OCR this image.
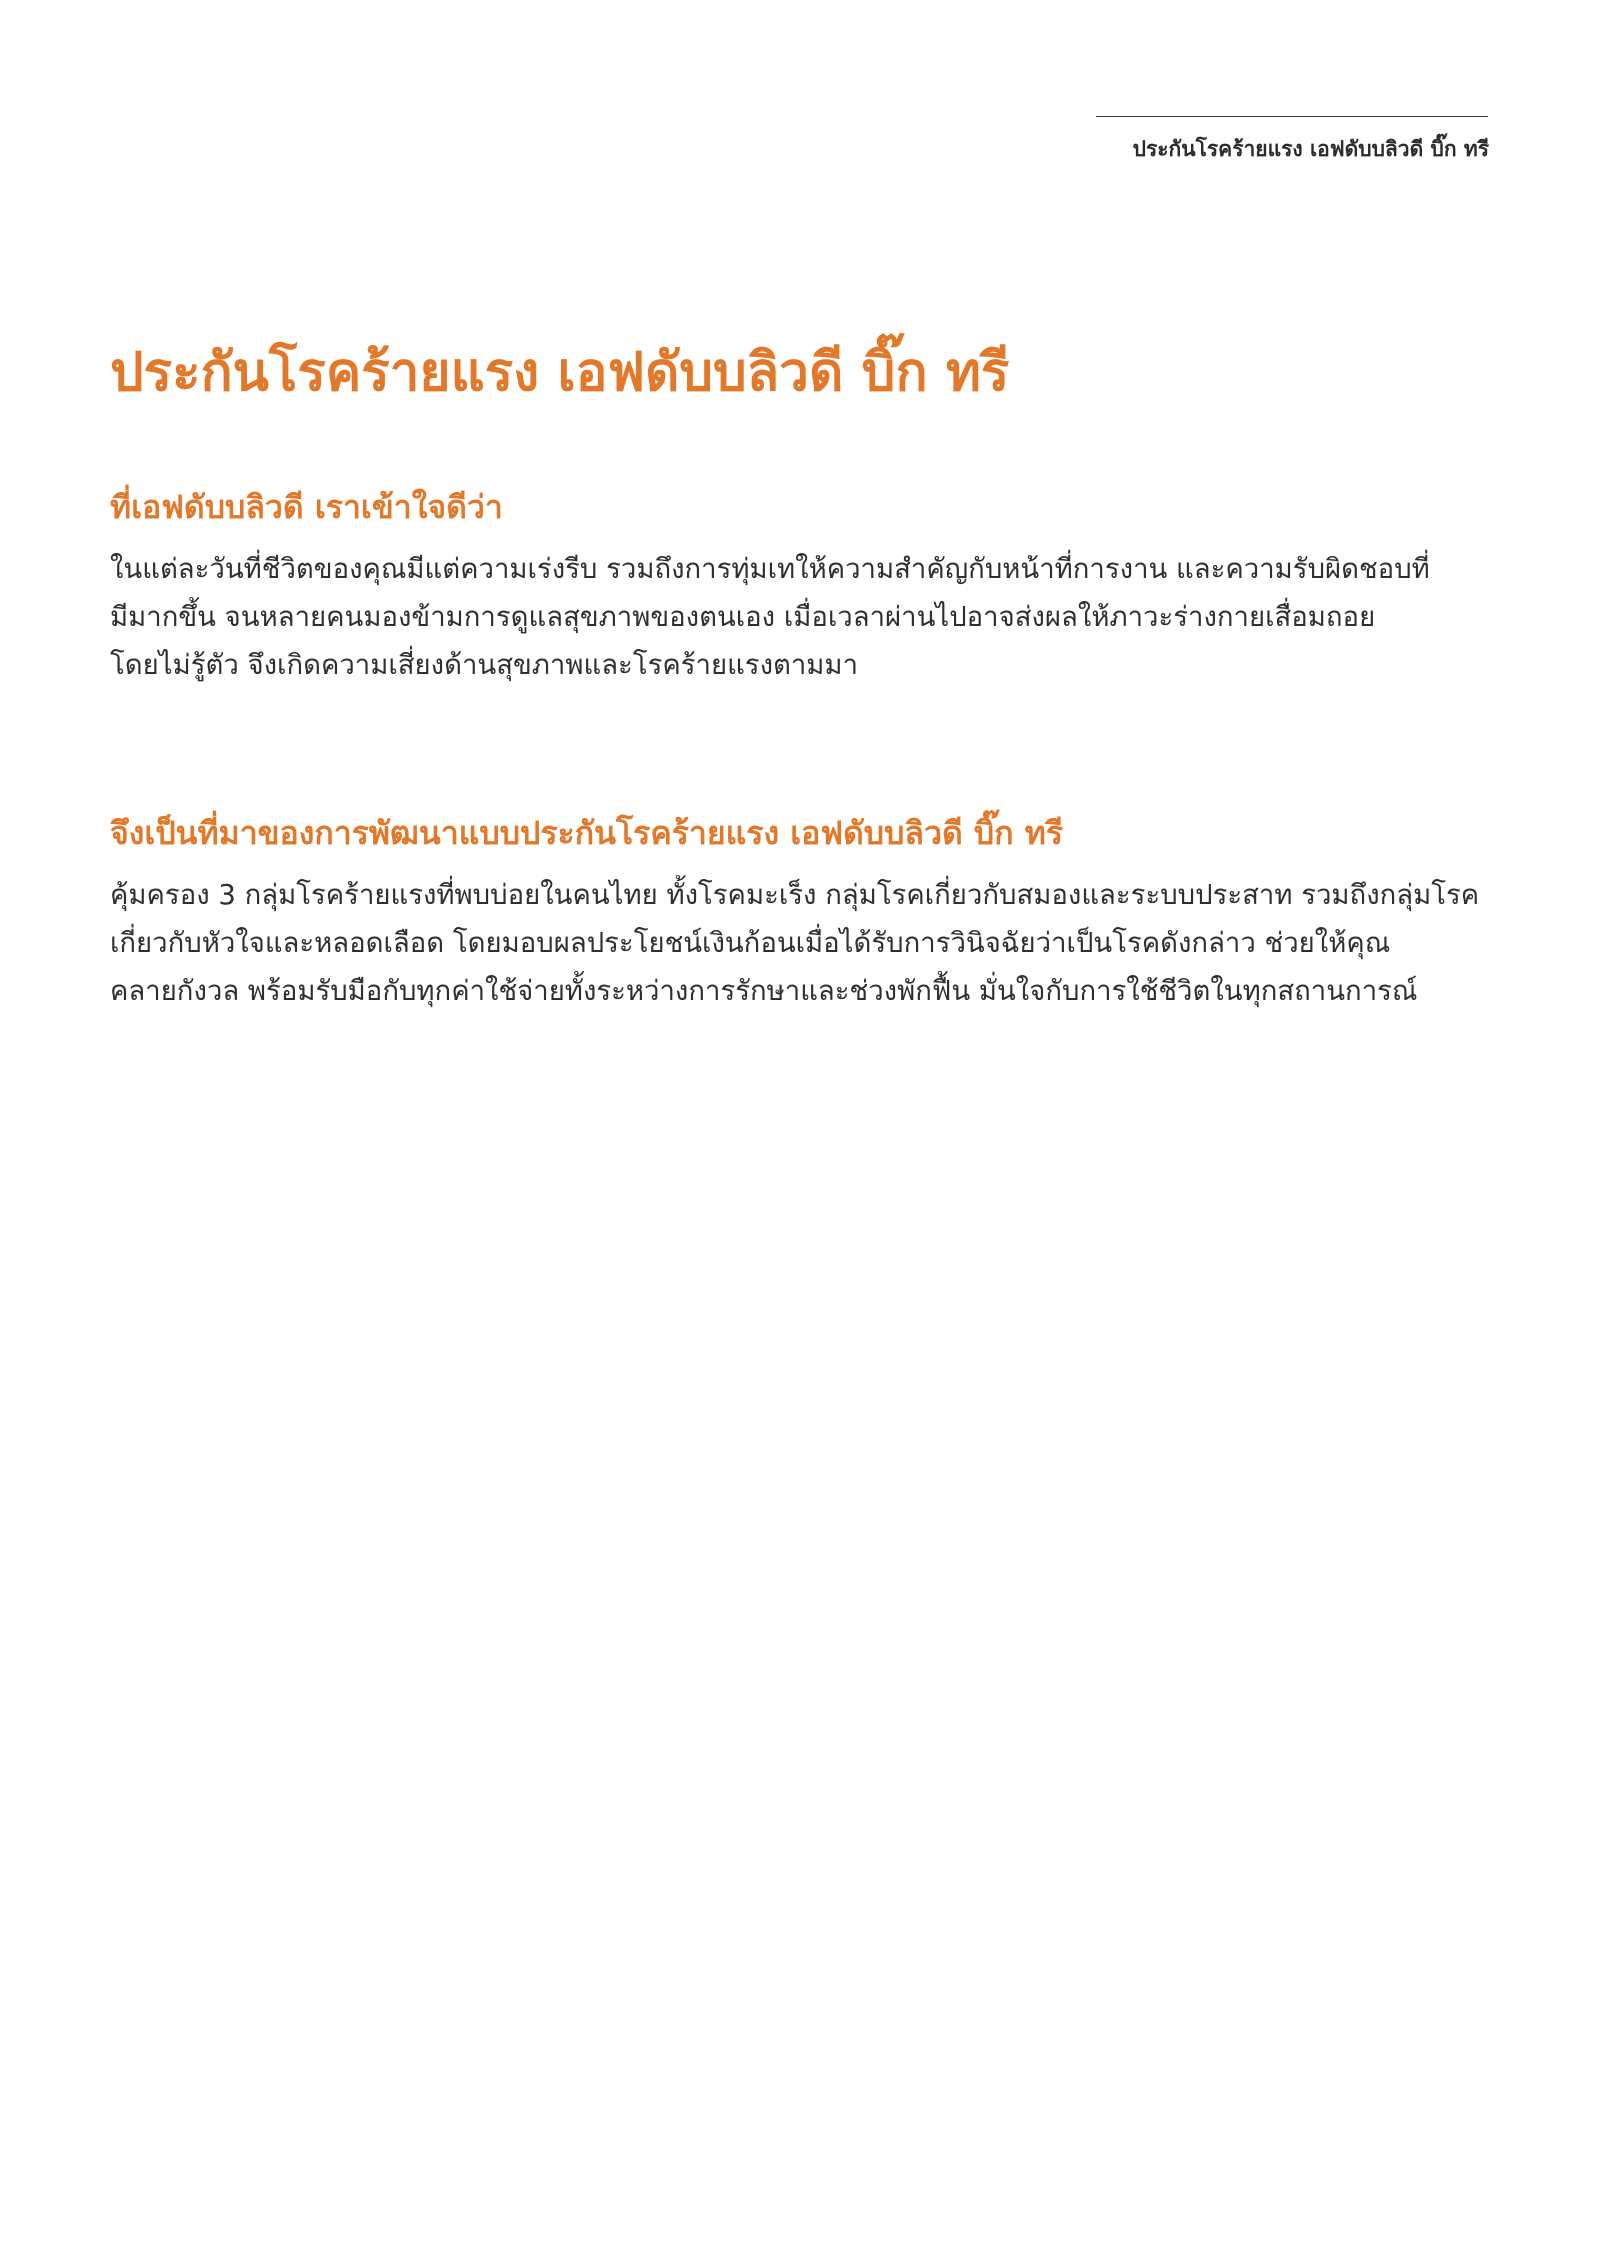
ประกันโรคร้ายแรง เอฟดับบลิวดี บิ๊ก ทรี
ประกันโรคร้ายแรง เอฟดับบลิวดี บิ๊ก ทรี
ที่เอฟดับบลิวดี เราเข้าใจดีว่า

ในแต่ละวันที่ชีวิตของคุณมีแต่ความเร่งรีบ รวมถึงการทุ่มเทให้ความสำคัญกับหน้าที่การงาน และความรับผิดชอบที่
มีมากขึ้น จนหลายคนมองข้ามการดูแลสุขภาพของตนเอง เมื่อเวลาผ่านไปอาจส่งผลให้ภาวะร่างกายเสื่อมถอย
โดยไม่รู้ตัว จึงเกิดความเสี่ยงด้านสุขภาพและโรคร้ายแรงตามมา

จึงเป็นที่มาของการพัฒนาแบบประกันโรคร้ายแรง เอฟดับบลิวดี บิ๊ก ทรี

คุ้มครอง 3 กลุ่มโรคร้ายแรงที่พบบ่อยในคนไทย ทั้งโรคมะเร็ง กลุ่มโรคเกี่ยวกับสมองและระบบประสาท รวมถึงกลุ่มโรค
เกี่ยวกับหัวใจและหลอดเลือด โดยมอบผลประโยชน์เงินก้อนเมื่อได้รับการวินิจฉัยว่าเป็นโรคดังกล่าว ช่วยให้คุณ
คลายกังวล พร้อมรับมือกับทุกค่าใช้จ่ายทั้งระหว่างการรักษาและช่วงพักฟื้น มั่นใจกับการใช้ชีวิตในทุกสถานการณ์
